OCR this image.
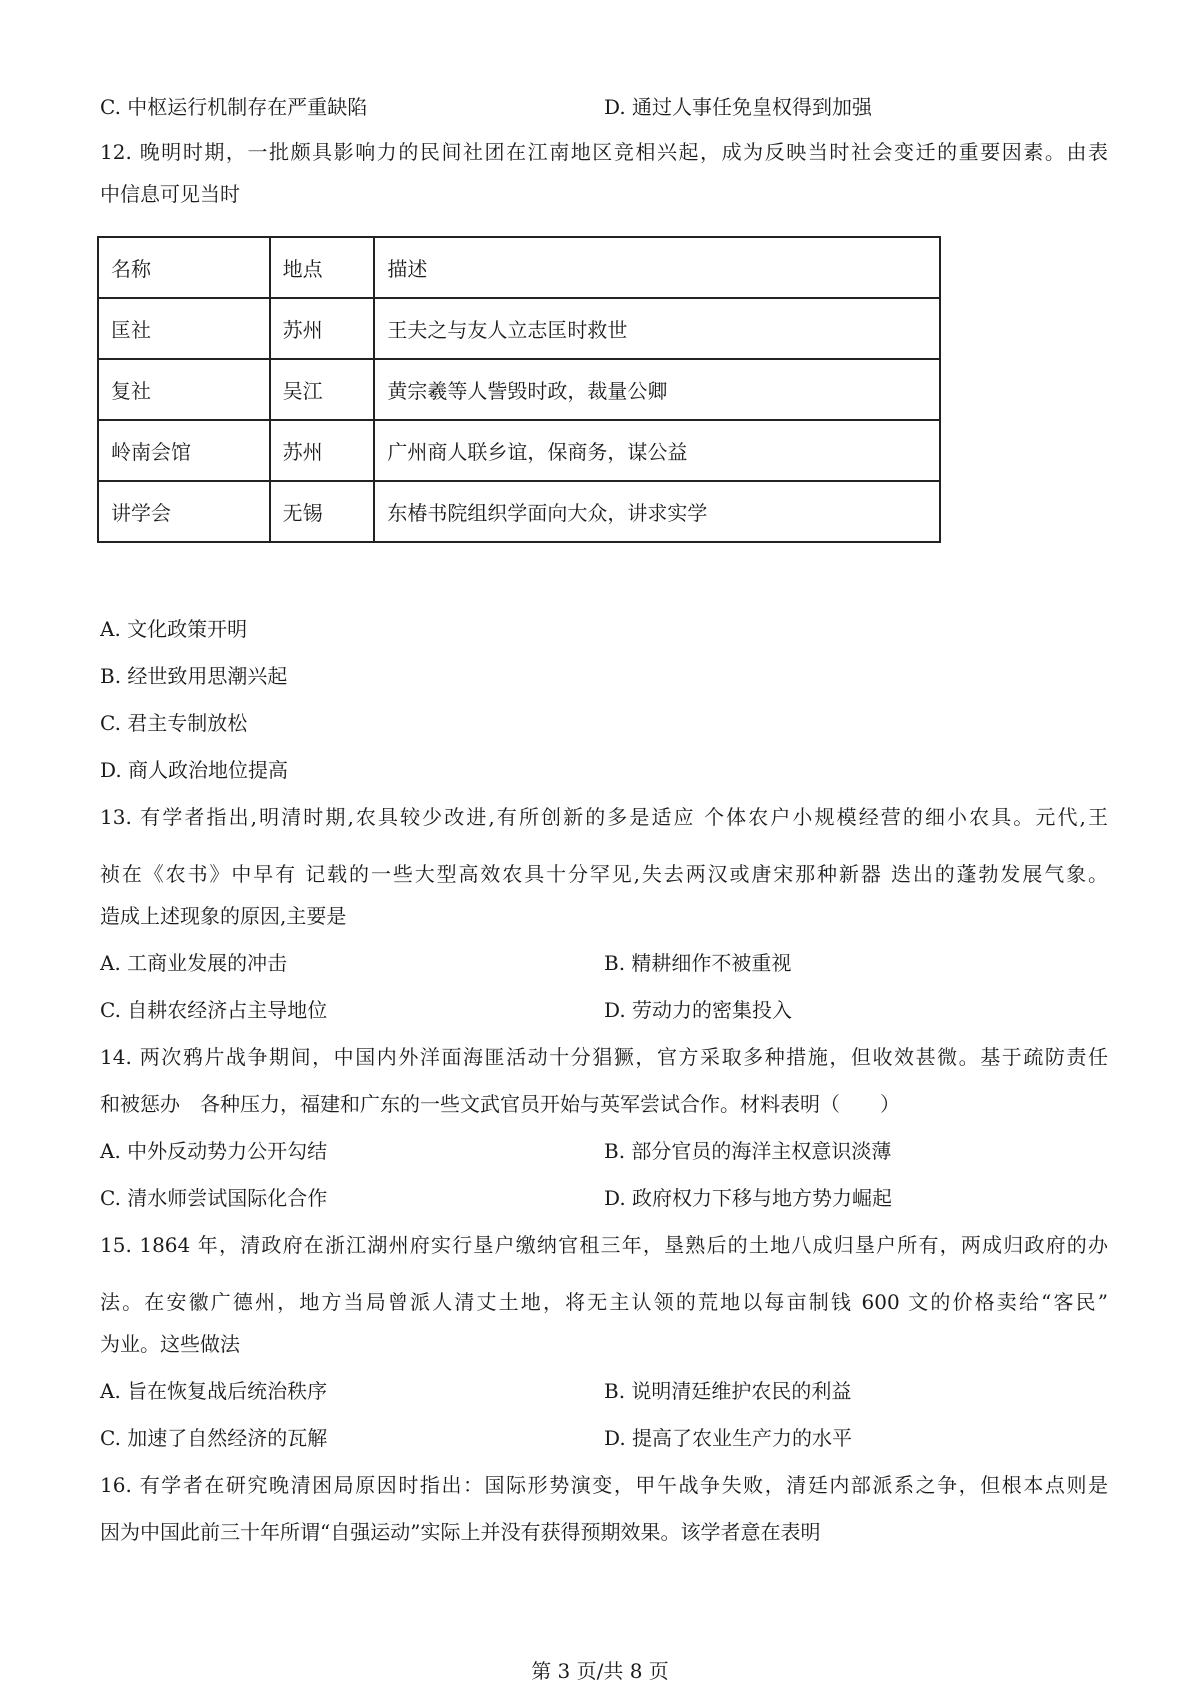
C. 中枢运行机制存在严重缺陷	D. 通过人事任免皇权得到加强
12. 晚明时期，一批颇具影响力的民间社团在江南地区竞相兴起，成为反映当时社会变迁的重要因素。由表
中信息可见当时
名称	地点	描述
匡社	苏州	王夫之与友人立志匡时救世
复社	吴江	黄宗羲等人訾毁时政，裁量公卿
岭南会馆	苏州	广州商人联乡谊，保商务，谋公益
讲学会	无锡	东椿书院组织学面向大众，讲求实学
A. 文化政策开明
B. 经世致用思潮兴起
C. 君主专制放松
D. 商人政治地位提高
13. 有学者指出,明清时期,农具较少改进,有所创新的多是适应 个体农户小规模经营的细小农具。元代,王
祯在《农书》中早有 记载的一些大型高效农具十分罕见,失去两汉或唐宋那种新器 迭出的蓬勃发展气象。
造成上述现象的原因,主要是
A. 工商业发展的冲击	B. 精耕细作不被重视
C. 自耕农经济占主导地位	D. 劳动力的密集投入
14. 两次鸦片战争期间，中国内外洋面海匪活动十分猖獗，官方采取多种措施，但收效甚微。基于疏防责任
和被惩办　各种压力，福建和广东的一些文武官员开始与英军尝试合作。材料表明（　　）
A. 中外反动势力公开勾结	B. 部分官员的海洋主权意识淡薄
C. 清水师尝试国际化合作	D. 政府权力下移与地方势力崛起
15. 1864 年，清政府在浙江湖州府实行垦户缴纳官租三年，垦熟后的土地八成归垦户所有，两成归政府的办
法。在安徽广德州，地方当局曾派人清丈土地，将无主认领的荒地以每亩制钱 600 文的价格卖给“客民”
为业。这些做法
A. 旨在恢复战后统治秩序	B. 说明清廷维护农民的利益
C. 加速了自然经济的瓦解	D. 提高了农业生产力的水平
16. 有学者在研究晚清困局原因时指出：国际形势演变，甲午战争失败，清廷内部派系之争，但根本点则是
因为中国此前三十年所谓“自强运动”实际上并没有获得预期效果。该学者意在表明
第 3 页/共 8 页
